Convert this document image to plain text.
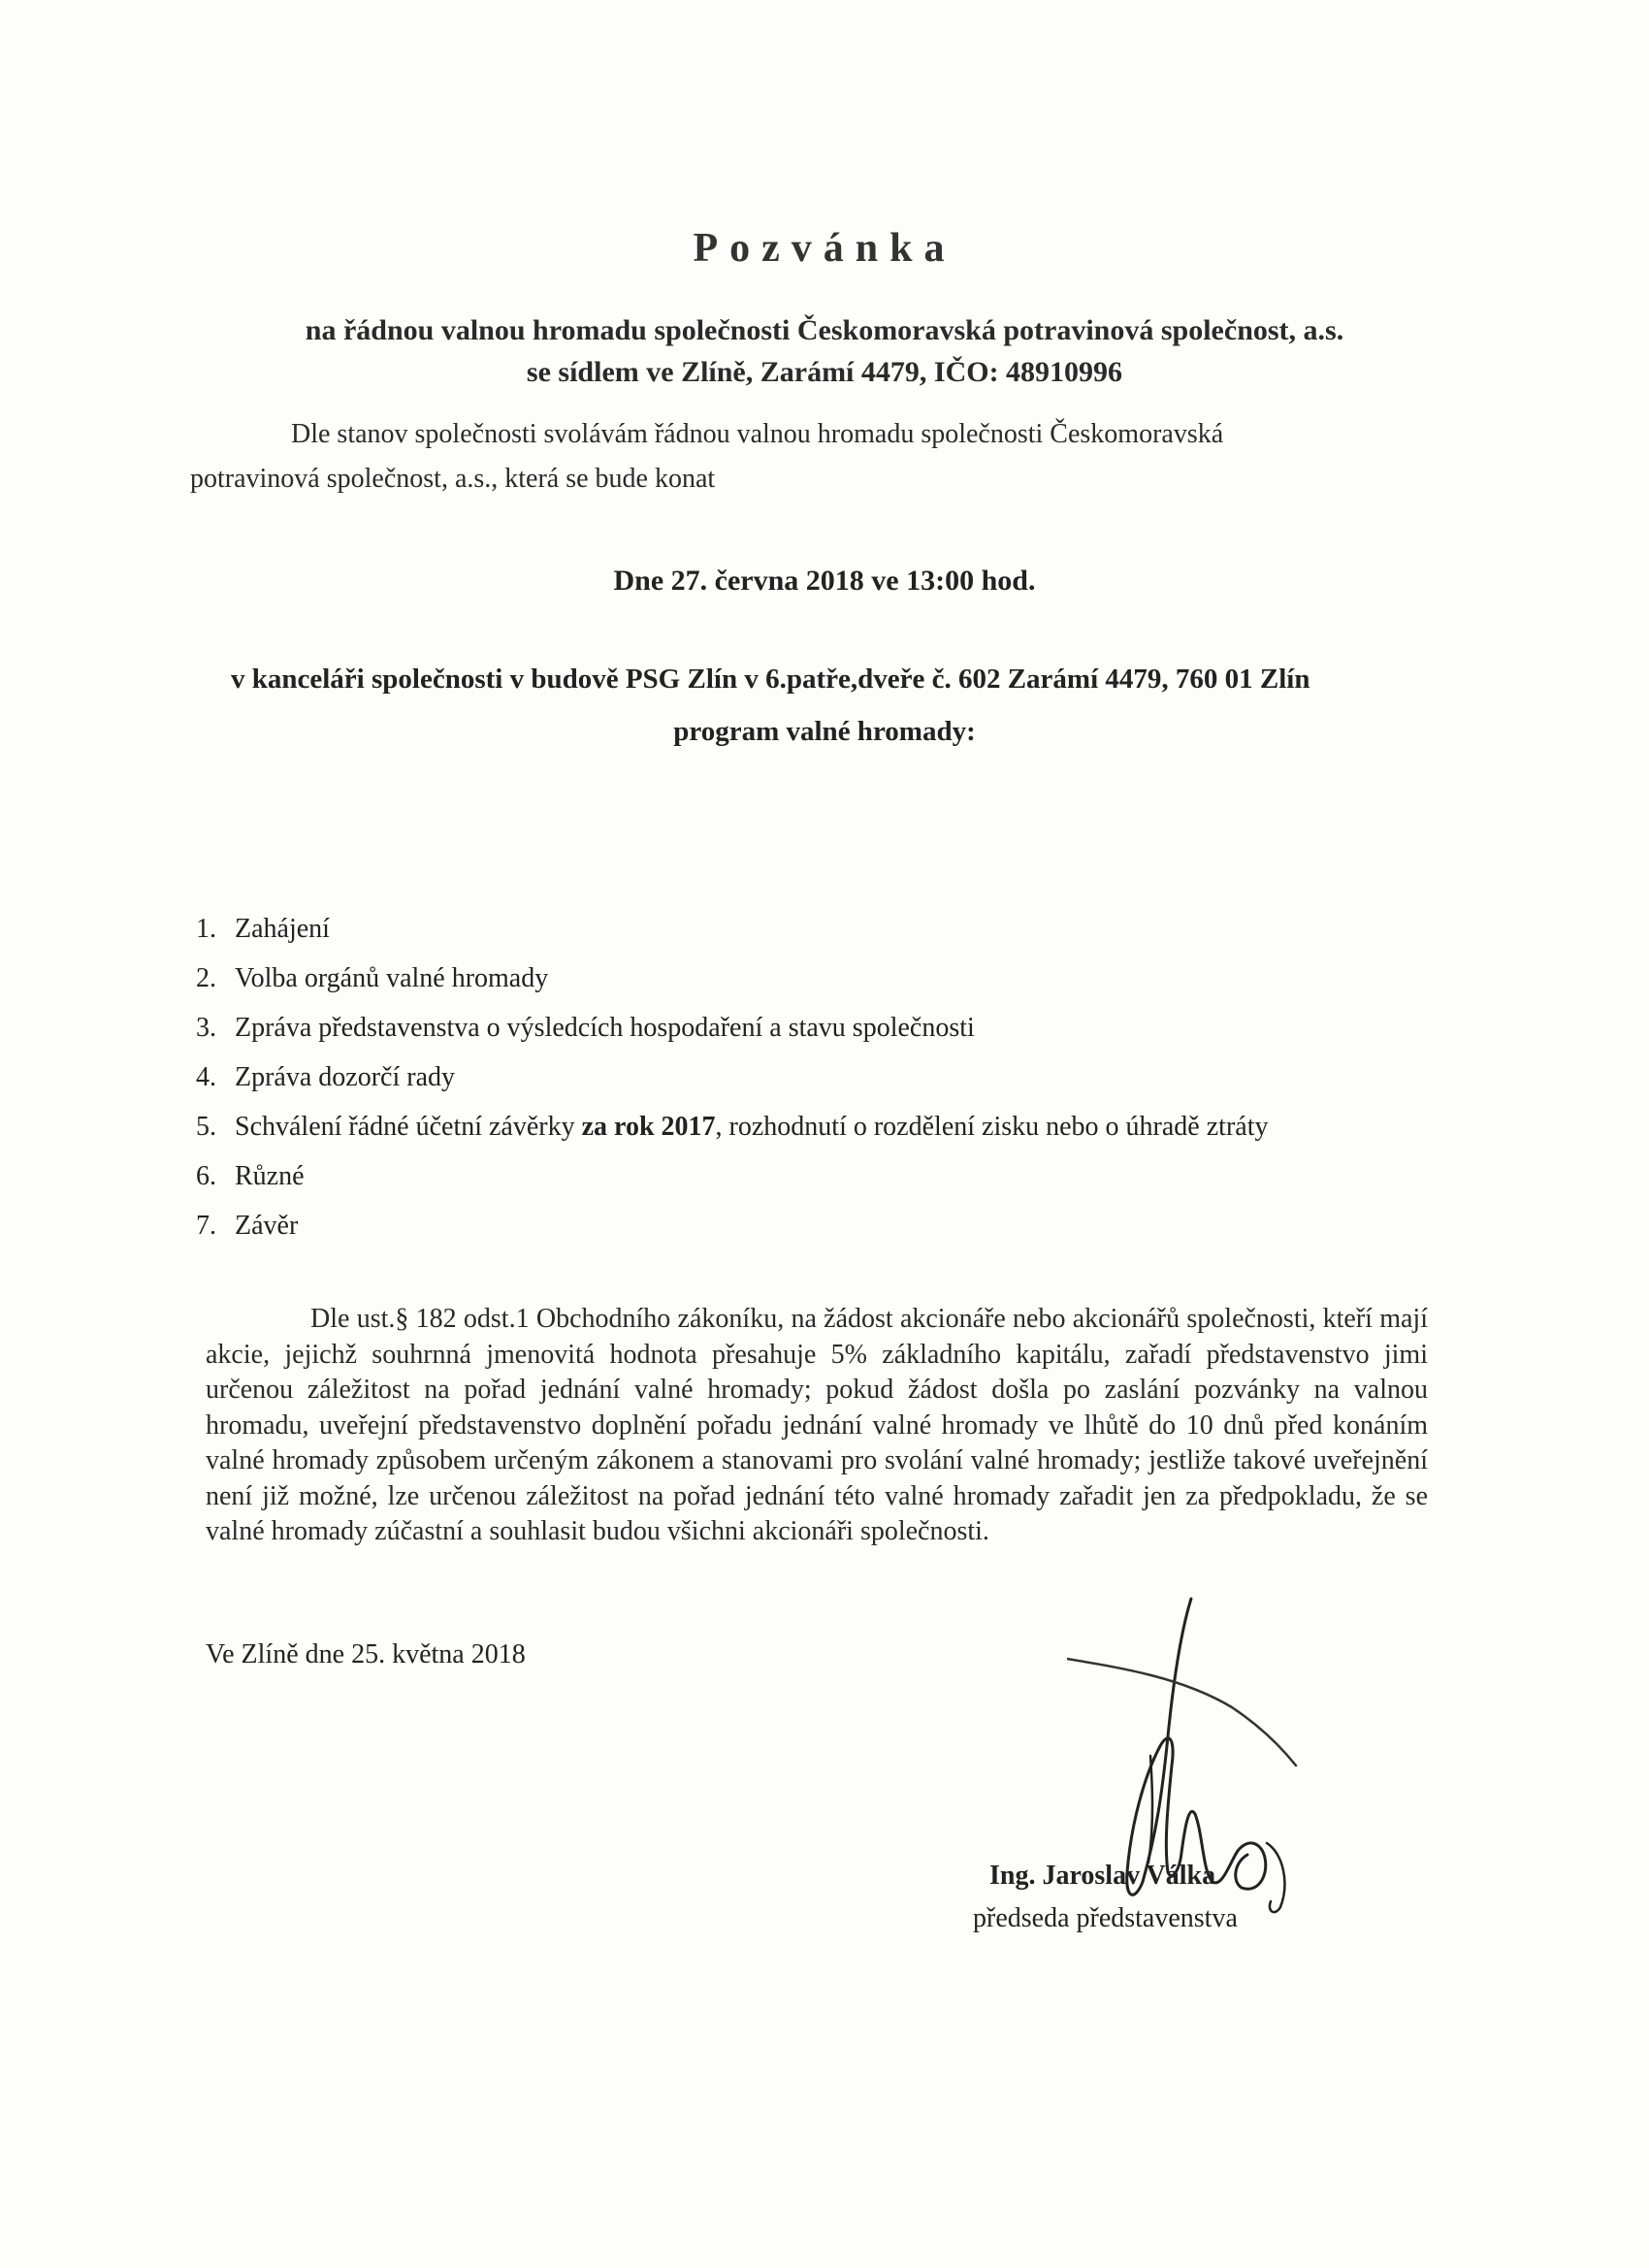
Pozvánka
na řádnou valnou hromadu společnosti Českomoravská potravinová společnost, a.s.
se sídlem ve Zlíně, Zarámí 4479, IČO: 48910996
Dle stanov společnosti svolávám řádnou valnou hromadu společnosti Českomoravská
potravinová společnost, a.s., která se bude konat
Dne 27. června 2018 ve 13:00 hod.
v kanceláři společnosti v budově PSG Zlín v 6.patře,dveře č. 602 Zarámí 4479, 760 01 Zlín
program valné hromady:
1. Zahájení
2. Volba orgánů valné hromady
3. Zpráva představenstva o výsledcích hospodaření a stavu společnosti
4. Zpráva dozorčí rady
5. Schválení řádné účetní závěrky za rok 2017, rozhodnutí o rozdělení zisku nebo o úhradě ztráty
6. Různé
7. Závěr
Dle ust.§ 182 odst.1 Obchodního zákoníku, na žádost akcionáře nebo akcionářů společnosti, kteří mají akcie, jejichž souhrnná jmenovitá hodnota přesahuje 5% základního kapitálu, zařadí představenstvo jimi určenou záležitost na pořad jednání valné hromady; pokud žádost došla po zaslání pozvánky na valnou hromadu, uveřejní představenstvo doplnění pořadu jednání valné hromady ve lhůtě do 10 dnů před konáním valné hromady způsobem určeným zákonem a stanovami pro svolání valné hromady; jestliže takové uveřejnění není již možné, lze určenou záležitost na pořad jednání této valné hromady zařadit jen za předpokladu, že se valné hromady zúčastní a souhlasit budou všichni akcionáři společnosti.
Ve Zlíně dne 25. května 2018
Ing. Jaroslav Válka
předseda představenstva
